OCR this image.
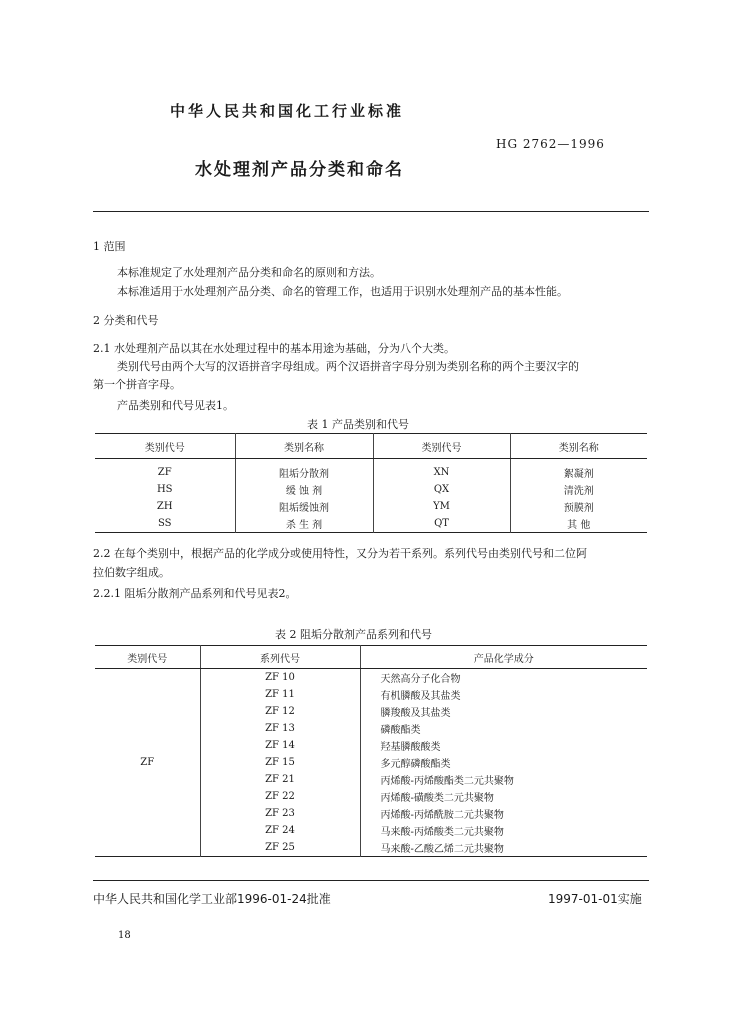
中华人民共和国化工行业标准
HG 2762—1996
水处理剂产品分类和命名
1 范围
本标准规定了水处理剂产品分类和命名的原则和方法。
本标准适用于水处理剂产品分类、命名的管理工作，也适用于识别水处理剂产品的基本性能。
2 分类和代号
2.1 水处理剂产品以其在水处理过程中的基本用途为基础，分为八个大类。
类别代号由两个大写的汉语拼音字母组成。两个汉语拼音字母分别为类别名称的两个主要汉字的
第一个拼音字母。
产品类别和代号见表1。
表 1 产品类别和代号
类别代号	类别名称	类别代号	类别名称
ZF	阻垢分散剂	XN	絮凝剂
HS	缓 蚀 剂	QX	清洗剂
ZH	阻垢缓蚀剂	YM	预膜剂
SS	杀 生 剂	QT	其 他
2.2 在每个类别中，根据产品的化学成分或使用特性，又分为若干系列。系列代号由类别代号和二位阿
拉伯数字组成。
2.2.1 阻垢分散剂产品系列和代号见表2。
表 2 阻垢分散剂产品系列和代号
类别代号	系列代号	产品化学成分
ZF	ZF 10	天然高分子化合物
	ZF 11	有机膦酸及其盐类
	ZF 12	膦羧酸及其盐类
	ZF 13	磷酸酯类
	ZF 14	羟基膦酸酸类
	ZF 15	多元醇磷酸酯类
	ZF 21	丙烯酸-丙烯酸酯类二元共聚物
	ZF 22	丙烯酸-磺酸类二元共聚物
	ZF 23	丙烯酸-丙烯酰胺二元共聚物
	ZF 24	马来酸-丙烯酸类二元共聚物
	ZF 25	马来酸-乙酸乙烯二元共聚物
中华人民共和国化学工业部1996-01-24批准	1997-01-01实施
18
